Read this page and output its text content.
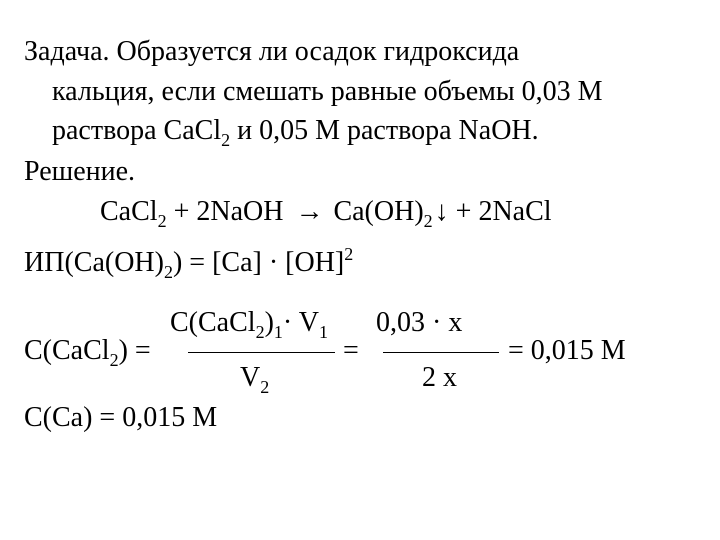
Задача. Образуется ли осадок гидроксида
кальция, если смешать равные объемы 0,03 М
раствора CaCl$_2$ и 0,05 М раствора NaOH.
Решение.
CaCl$_2$ + 2NaOH → $Ca(OH)_2↓$ + 2NaCl
$ИП(Ca(OH)_2) = [Ca] \cdot [OH]^2$
C(CaCl$_2$) =
$C(CaCl_2)_1\cdot V_1$
$V_2$
=
0,03 · x
2 x
= 0,015 М
C(Ca) = 0,015 М
